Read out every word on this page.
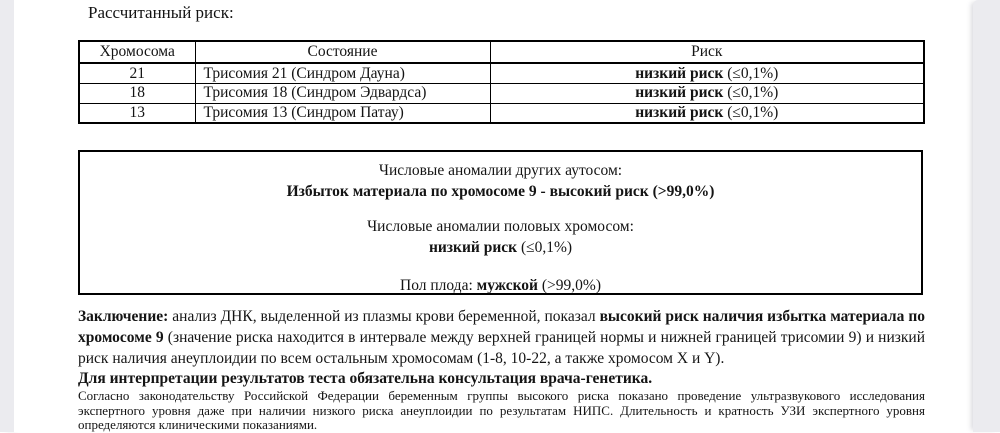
Рассчитанный риск:
Хромосома	Состояние	Риск
21	Трисомия 21 (Синдром Дауна)	низкий риск (≤0,1%)
18	Трисомия 18 (Синдром Эдвардса)	низкий риск (≤0,1%)
13	Трисомия 13 (Синдром Патау)	низкий риск (≤0,1%)

Числовые аномалии других аутосом:

Избыток материала по хромосоме 9 - высокий риск (>99,0%)

Числовые аномалии половых хромосом:

низкий риск (≤0,1%)

Пол плода: мужской (>99,0%)

Заключение: анализ ДНК, выделенной из плазмы крови беременной, показал высокий риск наличия избытка материала по хромосоме 9 (значение риска находится в интервале между верхней границей нормы и нижней границей трисомии 9) и низкий риск наличия анеуплоидии по всем остальным хромосомам (1-8, 10-22, а также хромосом X и Y).

Для интерпретации результатов теста обязательна консультация врача-генетика.

Согласно законодательству Российской Федерации беременным группы высокого риска показано проведение ультразвукового исследования экспертного уровня даже при наличии низкого риска анеуплоидии по результатам НИПС. Длительность и кратность УЗИ экспертного уровня определяются клиническими показаниями.
